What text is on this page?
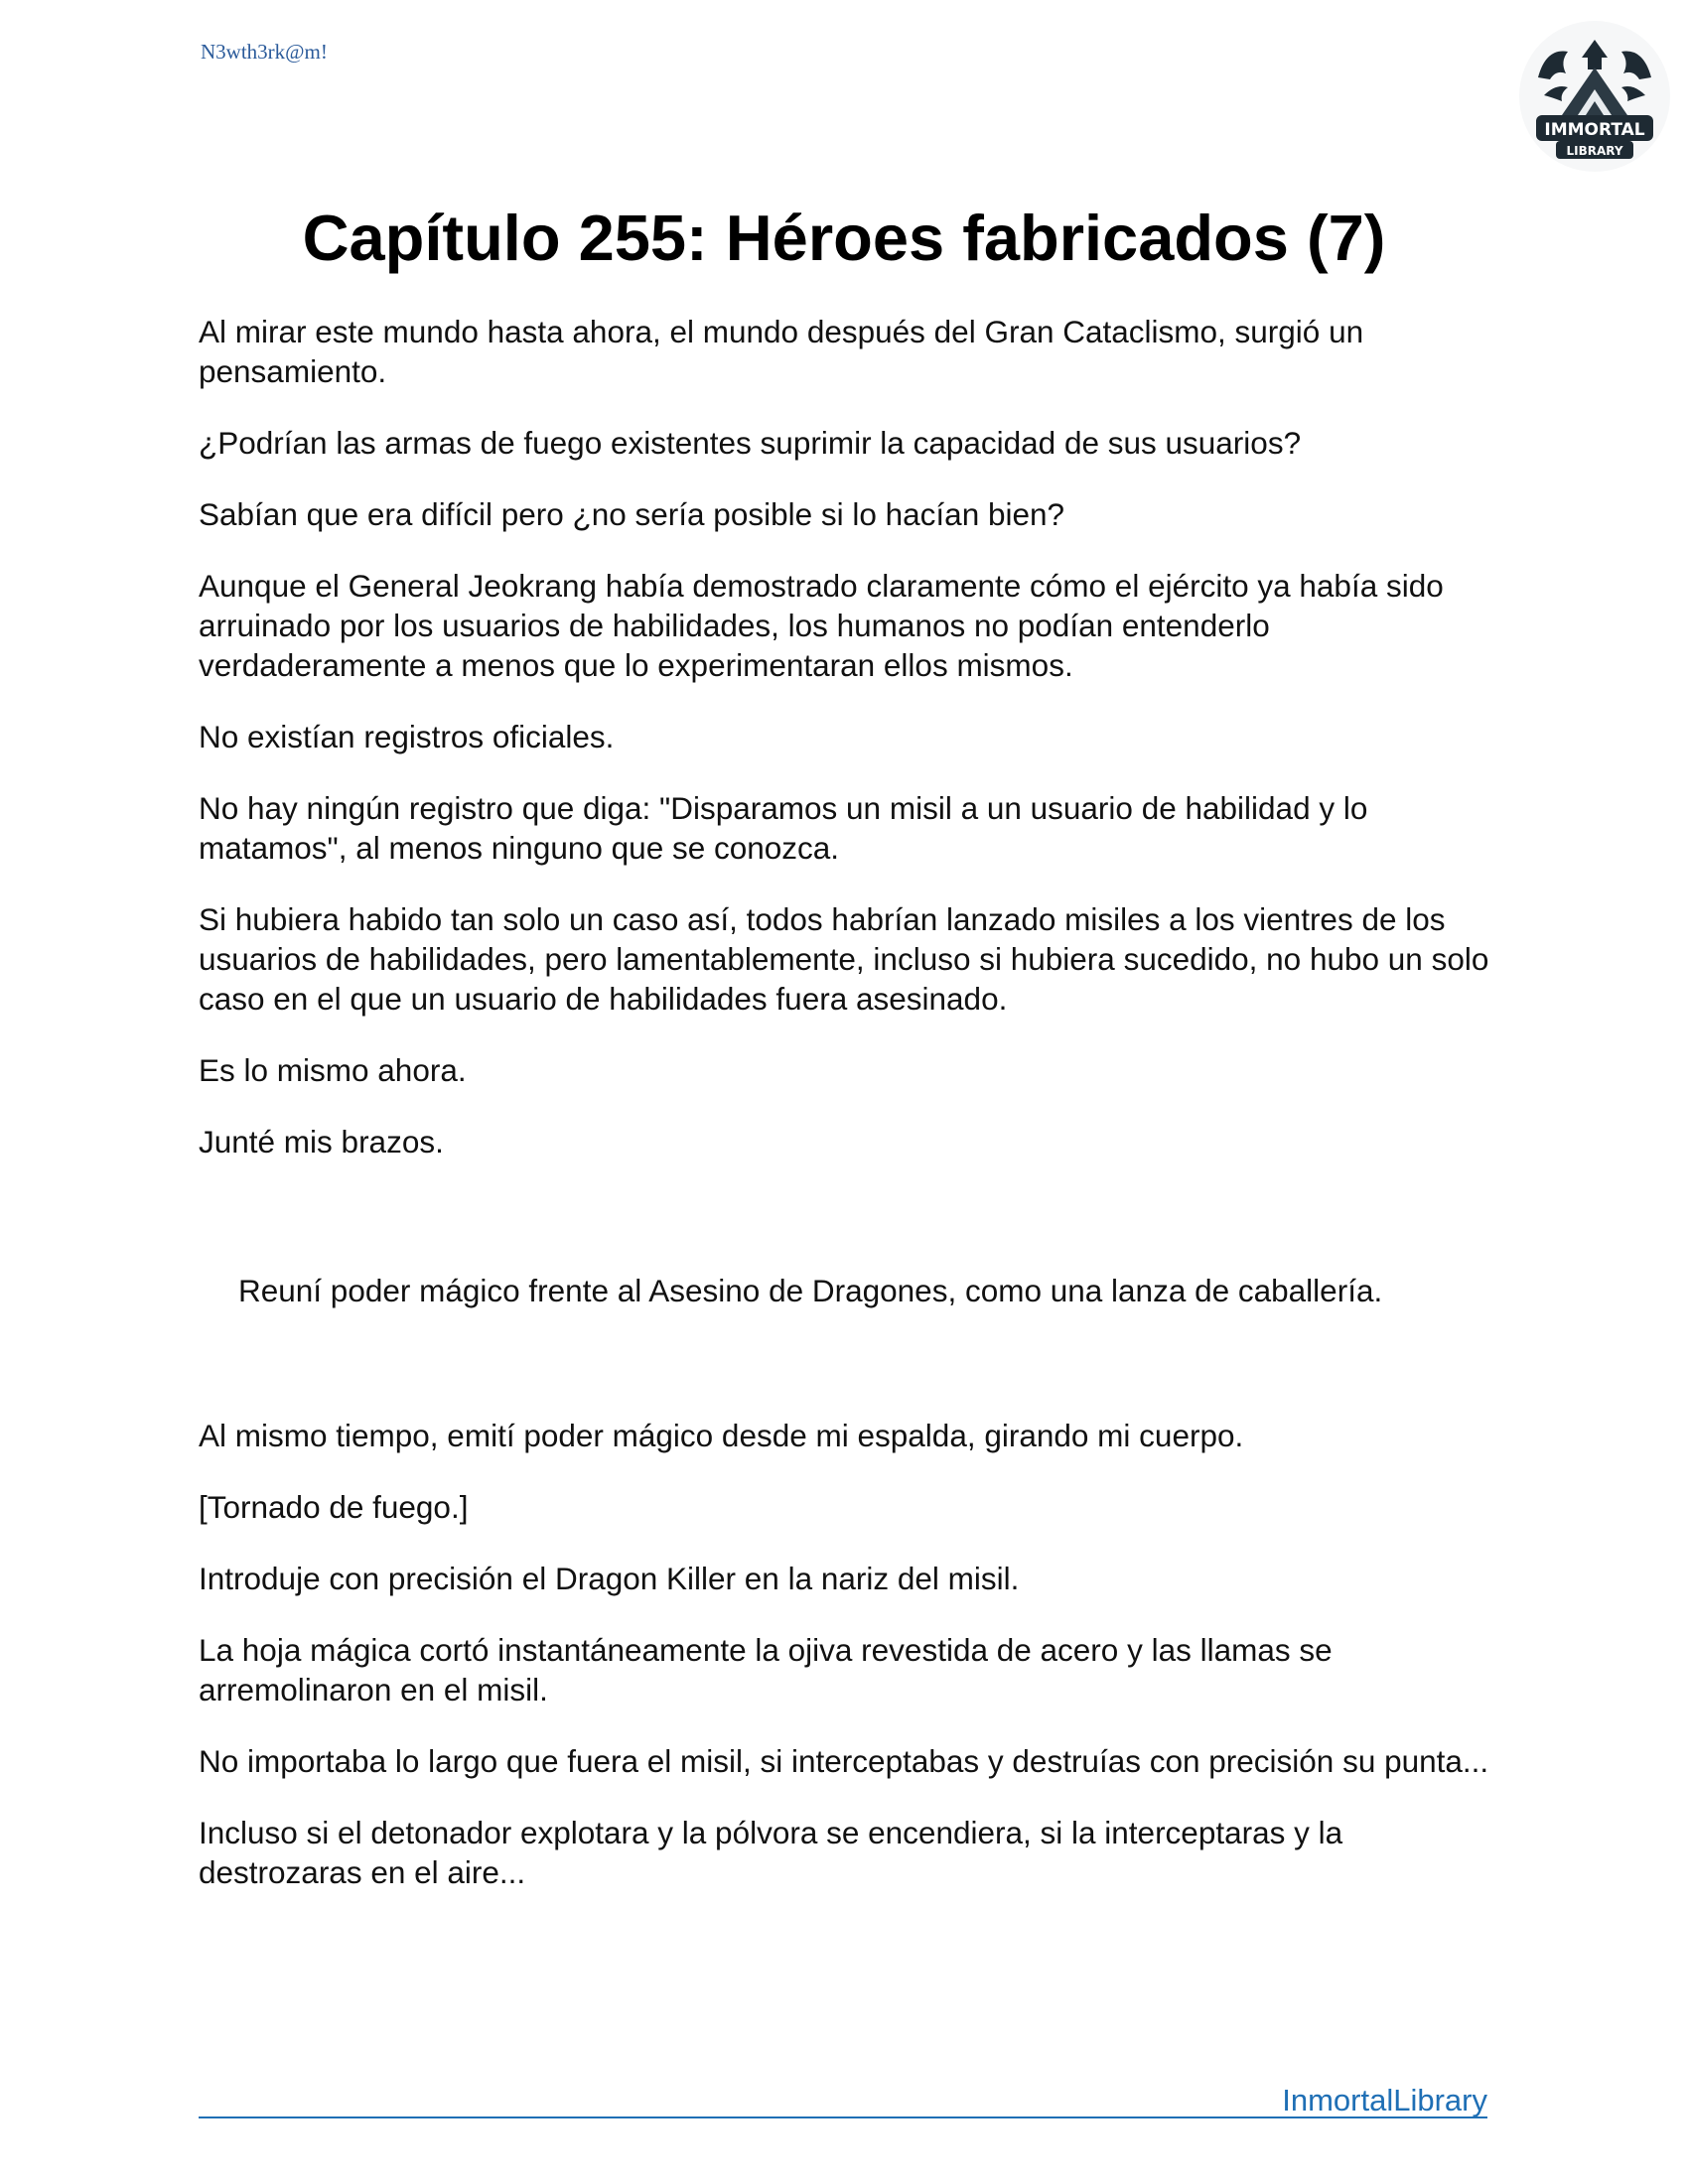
N3wth3rk@m!
IMMORTAL
LIBRARY
Capítulo 255: Héroes fabricados (7)

Al mirar este mundo hasta ahora, el mundo después del Gran Cataclismo, surgió un pensamiento.

¿Podrían las armas de fuego existentes suprimir la capacidad de sus usuarios?

Sabían que era difícil pero ¿no sería posible si lo hacían bien?

Aunque el General Jeokrang había demostrado claramente cómo el ejército ya había sido arruinado por los usuarios de habilidades, los humanos no podían entenderlo verdaderamente a menos que lo experimentaran ellos mismos.

No existían registros oficiales.

No hay ningún registro que diga: "Disparamos un misil a un usuario de habilidad y lo matamos", al menos ninguno que se conozca.

Si hubiera habido tan solo un caso así, todos habrían lanzado misiles a los vientres de los usuarios de habilidades, pero lamentablemente, incluso si hubiera sucedido, no hubo un solo caso en el que un usuario de habilidades fuera asesinado.

Es lo mismo ahora.

Junté mis brazos.

Reuní poder mágico frente al Asesino de Dragones, como una lanza de caballería.

Al mismo tiempo, emití poder mágico desde mi espalda, girando mi cuerpo.

[Tornado de fuego.]

Introduje con precisión el Dragon Killer en la nariz del misil.

La hoja mágica cortó instantáneamente la ojiva revestida de acero y las llamas se arremolinaron en el misil.

No importaba lo largo que fuera el misil, si interceptabas y destruías con precisión su punta...

Incluso si el detonador explotara y la pólvora se encendiera, si la interceptaras y la destrozaras en el aire...

InmortalLibrary
